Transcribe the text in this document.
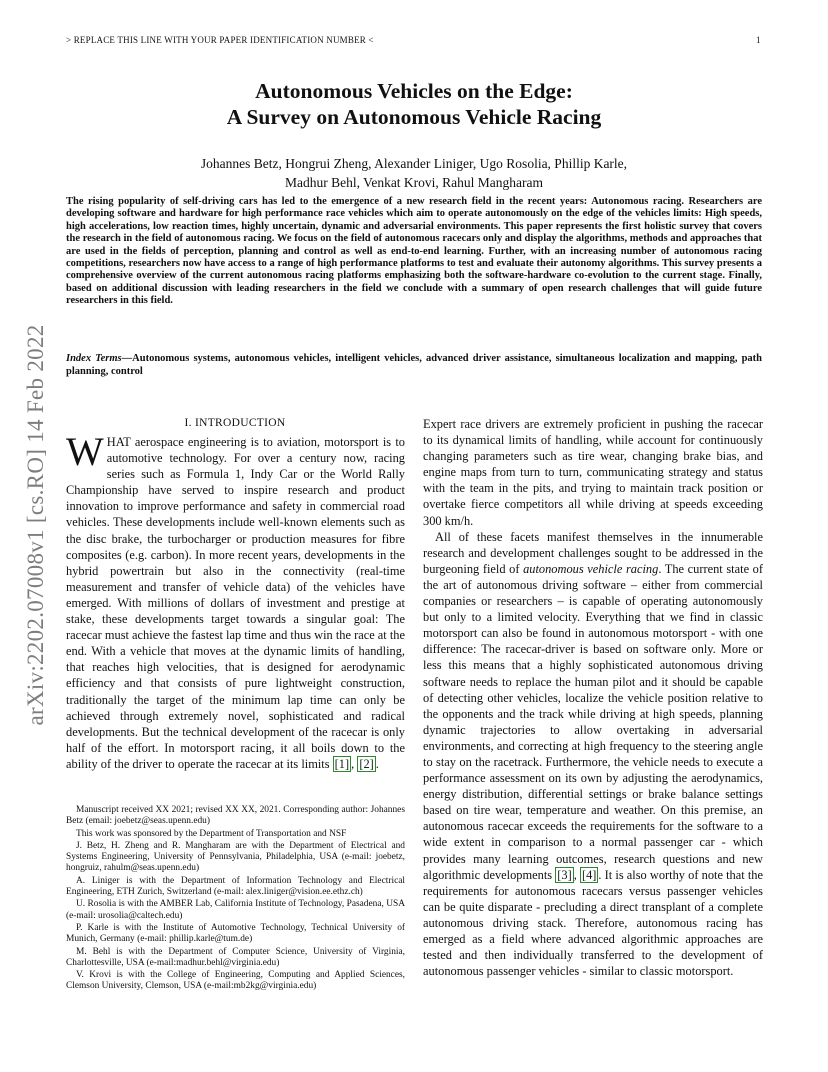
> REPLACE THIS LINE WITH YOUR PAPER IDENTIFICATION NUMBER <	1
arXiv:2202.07008v1 [cs.RO] 14 Feb 2022
Autonomous Vehicles on the Edge:
A Survey on Autonomous Vehicle Racing
Johannes Betz, Hongrui Zheng, Alexander Liniger, Ugo Rosolia, Phillip Karle,
Madhur Behl, Venkat Krovi, Rahul Mangharam
The rising popularity of self-driving cars has led to the emergence of a new research field in the recent years: Autonomous racing. Researchers are developing software and hardware for high performance race vehicles which aim to operate autonomously on the edge of the vehicles limits: High speeds, high accelerations, low reaction times, highly uncertain, dynamic and adversarial environments. This paper represents the first holistic survey that covers the research in the field of autonomous racing. We focus on the field of autonomous racecars only and display the algorithms, methods and approaches that are used in the fields of perception, planning and control as well as end-to-end learning. Further, with an increasing number of autonomous racing competitions, researchers now have access to a range of high performance platforms to test and evaluate their autonomy algorithms. This survey presents a comprehensive overview of the current autonomous racing platforms emphasizing both the software-hardware co-evolution to the current stage. Finally, based on additional discussion with leading researchers in the field we conclude with a summary of open research challenges that will guide future researchers in this field.
Index Terms—Autonomous systems, autonomous vehicles, intelligent vehicles, advanced driver assistance, simultaneous localization and mapping, path planning, control
I. INTRODUCTION

WHAT aerospace engineering is to aviation, motorsport is to automotive technology. For over a century now, racing series such as Formula 1, Indy Car or the World Rally Championship have served to inspire research and product innovation to improve performance and safety in commercial road vehicles. These developments include well-known elements such as the disc brake, the turbocharger or production measures for fibre composites (e.g. carbon). In more recent years, developments in the hybrid powertrain but also in the connectivity (real-time measurement and transfer of vehicle data) of the vehicles have emerged. With millions of dollars of investment and prestige at stake, these developments target towards a singular goal: The racecar must achieve the fastest lap time and thus win the race at the end. With a vehicle that moves at the dynamic limits of handling, that reaches high velocities, that is designed for aerodynamic efficiency and that consists of pure lightweight construction, traditionally the target of the minimum lap time can only be achieved through extremely novel, sophisticated and radical developments. But the technical development of the racecar is only half of the effort. In motorsport racing, it all boils down to the ability of the driver to operate the racecar at its limits [1] , [2] .

Manuscript received XX 2021; revised XX XX, 2021. Corresponding author: Johannes Betz (email: joebetz@seas.upenn.edu)

This work was sponsored by the Department of Transportation and NSF

J. Betz, H. Zheng and R. Mangharam are with the Department of Electrical and Systems Engineering, University of Pennsylvania, Philadelphia, USA (e-mail: joebetz, hongruiz, rahulm@seas.upenn.edu)

A. Liniger is with the Department of Information Technology and Electrical Engineering, ETH Zurich, Switzerland (e-mail: alex.liniger@vision.ee.ethz.ch)

U. Rosolia is with the AMBER Lab, California Institute of Technology, Pasadena, USA (e-mail: urosolia@caltech.edu)

P. Karle is with the Institute of Automotive Technology, Technical University of Munich, Germany (e-mail: phillip.karle@tum.de)

M. Behl is with the Department of Computer Science, University of Virginia, Charlottesville, USA (e-mail:madhur.behl@virginia.edu)

V. Krovi is with the College of Engineering, Computing and Applied Sciences, Clemson University, Clemson, USA (e-mail:mb2kg@virginia.edu)

Expert race drivers are extremely proficient in pushing the racecar to its dynamical limits of handling, while account for continuously changing parameters such as tire wear, changing brake bias, and engine maps from turn to turn, communicating strategy and status with the team in the pits, and trying to maintain track position or overtake fierce competitors all while driving at speeds exceeding 300 km/h.

All of these facets manifest themselves in the innumerable research and development challenges sought to be addressed in the burgeoning field of autonomous vehicle racing. The current state of the art of autonomous driving software – either from commercial companies or researchers – is capable of operating autonomously but only to a limited velocity. Everything that we find in classic motorsport can also be found in autonomous motorsport - with one difference: The racecar-driver is based on software only. More or less this means that a highly sophisticated autonomous driving software needs to replace the human pilot and it should be capable of detecting other vehicles, localize the vehicle position relative to the opponents and the track while driving at high speeds, planning dynamic trajectories to allow overtaking in adversarial environments, and correcting at high frequency to the steering angle to stay on the racetrack. Furthermore, the vehicle needs to execute a performance assessment on its own by adjusting the aerodynamics, energy distribution, differential settings or brake balance settings based on tire wear, temperature and weather. On this premise, an autonomous racecar exceeds the requirements for the software to a wide extent in comparison to a normal passenger car - which provides many learning outcomes, research questions and new algorithmic developments [3] , [4] . It is also worthy of note that the requirements for autonomous racecars versus passenger vehicles can be quite disparate - precluding a direct transplant of a complete autonomous driving stack. Therefore, autonomous racing has emerged as a field where advanced algorithmic approaches are tested and then individually transferred to the development of autonomous passenger vehicles - similar to classic motorsport.
